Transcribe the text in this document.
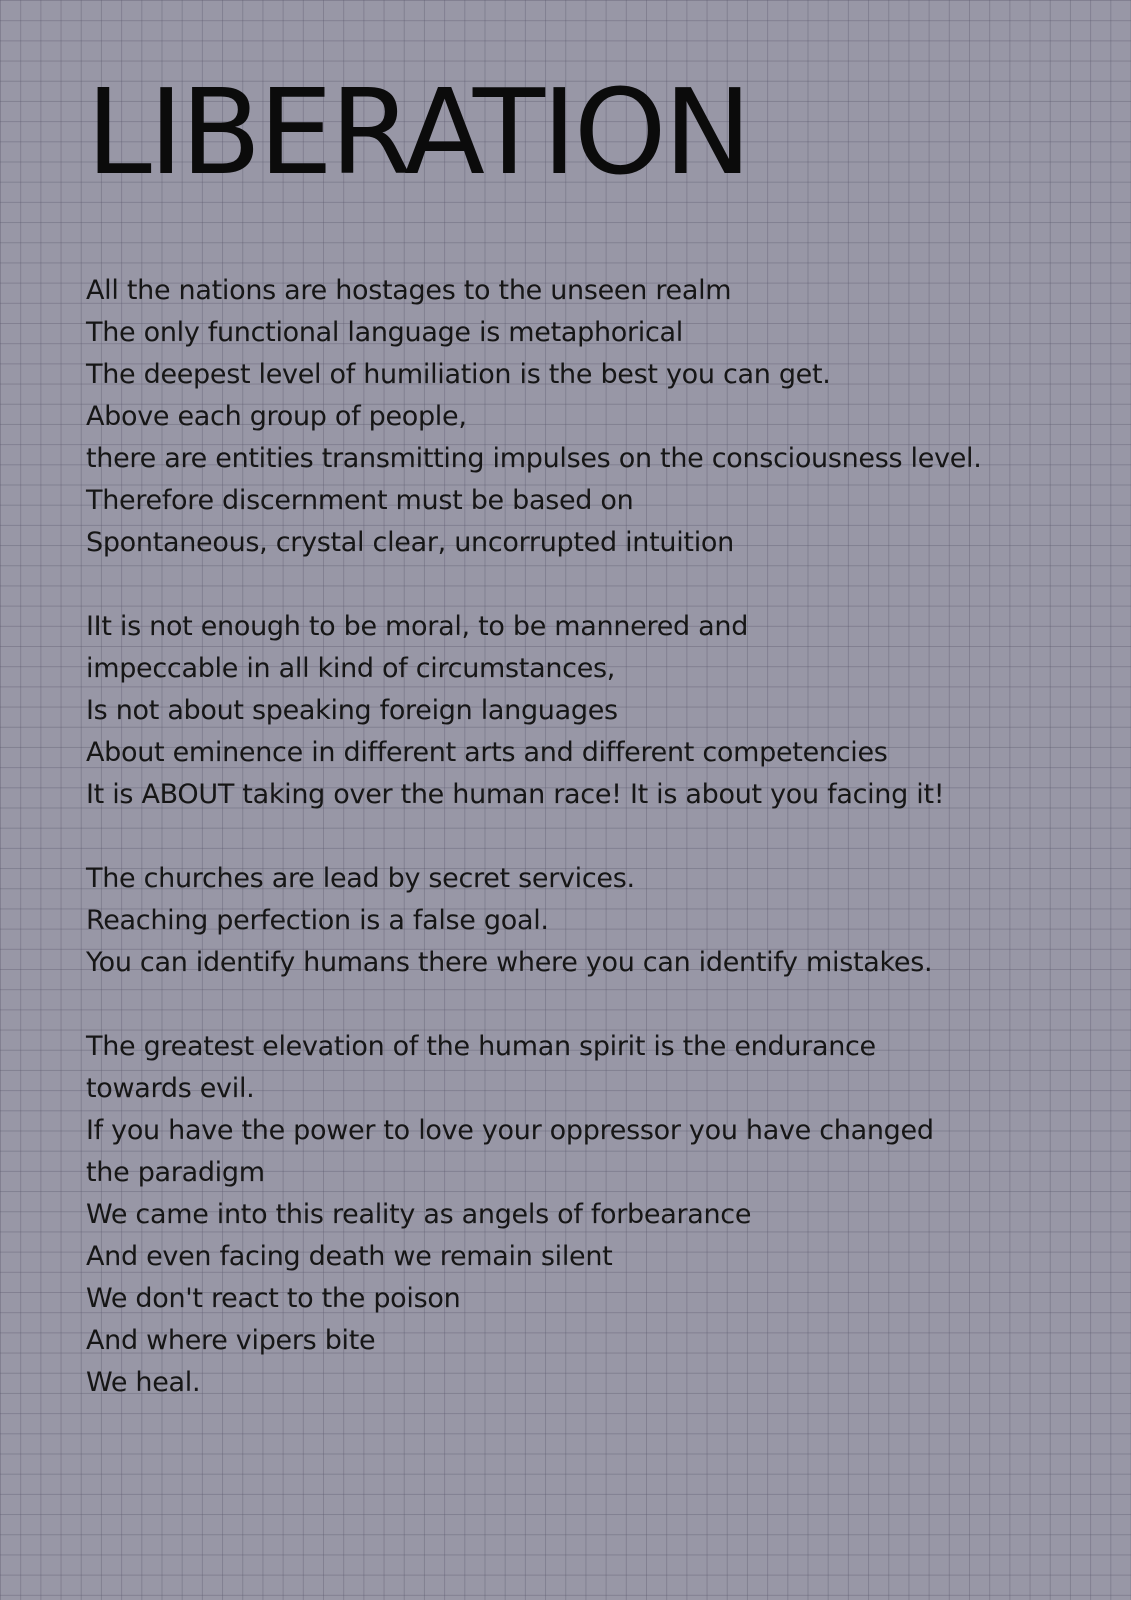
LIBERATION
All the nations are hostages to the unseen realm
The only functional language is metaphorical
The deepest level of humiliation is the best you can get.
Above each group of people,
there are entities transmitting impulses on the consciousness level.
Therefore discernment must be based on
Spontaneous, crystal clear, uncorrupted intuition
IIt is not enough to be moral, to be mannered and
impeccable in all kind of circumstances,
Is not about speaking foreign languages
About eminence in different arts and different competencies
It is ABOUT taking over the human race! It is about you facing it!
The churches are lead by secret services.
Reaching perfection is a false goal.
You can identify humans there where you can identify mistakes.
The greatest elevation of the human spirit is the endurance
towards evil.
If you have the power to love your oppressor you have changed
the paradigm
We came into this reality as angels of forbearance
And even facing death we remain silent
We don't react to the poison
And where vipers bite
We heal.
